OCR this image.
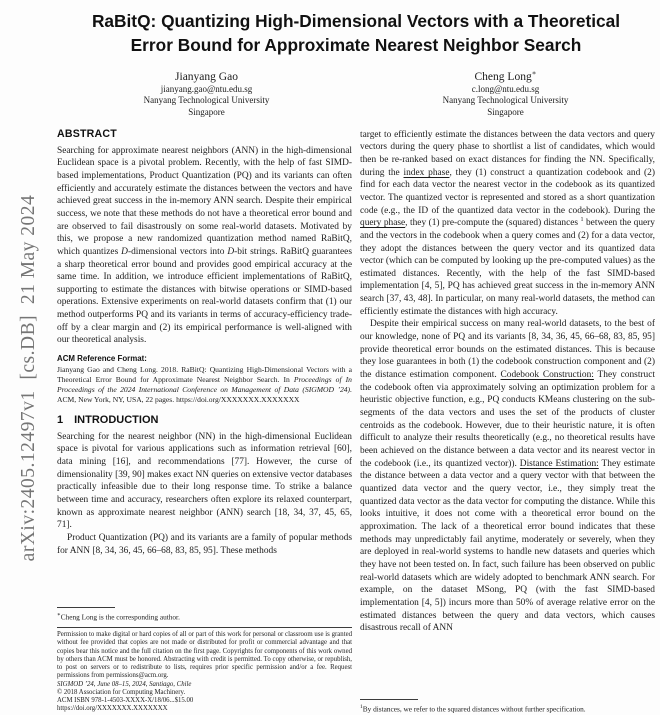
arXiv:2405.12497v1  [cs.DB]  21 May 2024
RaBitQ: Quantizing High-Dimensional Vectors with a Theoretical
Error Bound for Approximate Nearest Neighbor Search
Jianyang Gao
jianyang.gao@ntu.edu.sg
Nanyang Technological University
Singapore
Cheng Long∗
c.long@ntu.edu.sg
Nanyang Technological University
Singapore
ABSTRACT

Searching for approximate nearest neighbors (ANN) in the high-dimensional Euclidean space is a pivotal problem. Recently, with the help of fast SIMD-based implementations, Product Quantization (PQ) and its variants can often efficiently and accurately estimate the distances between the vectors and have achieved great success in the in-memory ANN search. Despite their empirical success, we note that these methods do not have a theoretical error bound and are observed to fail disastrously on some real-world datasets. Motivated by this, we propose a new randomized quantization method named RaBitQ, which quantizes D-dimensional vectors into D-bit strings. RaBitQ guarantees a sharp theoretical error bound and provides good empirical accuracy at the same time. In addition, we introduce efficient implementations of RaBitQ, supporting to estimate the distances with bitwise operations or SIMD-based operations. Extensive experiments on real-world datasets confirm that (1) our method outperforms PQ and its variants in terms of accuracy-efficiency trade-off by a clear margin and (2) its empirical performance is well-aligned with our theoretical analysis.

ACM Reference Format:

Jianyang Gao and Cheng Long. 2018. RaBitQ: Quantizing High-Dimensional Vectors with a Theoretical Error Bound for Approximate Nearest Neighbor Search. In Proceedings of In Proceedings of the 2024 International Conference on Management of Data (SIGMOD ’24). ACM, New York, NY, USA, 22 pages. https://doi.org/XXXXXXX.XXXXXXX

1 INTRODUCTION

Searching for the nearest neighbor (NN) in the high-dimensional Euclidean space is pivotal for various applications such as information retrieval [60], data mining [16], and recommendations [77]. However, the curse of dimensionality [39, 90] makes exact NN queries on extensive vector databases practically infeasible due to their long response time. To strike a balance between time and accuracy, researchers often explore its relaxed counterpart, known as approximate nearest neighbor (ANN) search [18, 34, 37, 45, 65, 71].

Product Quantization (PQ) and its variants are a family of popular methods for ANN [8, 34, 36, 45, 66–68, 83, 85, 95]. These methods

∗Cheng Long is the corresponding author.

Permission to make digital or hard copies of all or part of this work for personal or classroom use is granted without fee provided that copies are not made or distributed for profit or commercial advantage and that copies bear this notice and the full citation on the first page. Copyrights for components of this work owned by others than ACM must be honored. Abstracting with credit is permitted. To copy otherwise, or republish, to post on servers or to redistribute to lists, requires prior specific permission and/or a fee. Request permissions from permissions@acm.org.

SIGMOD ’24, June 08–15, 2024, Santiago, Chile
© 2018 Association for Computing Machinery.
ACM ISBN 978-1-4503-XXXX-X/18/06...$15.00
https://doi.org/XXXXXXX.XXXXXXX

target to efficiently estimate the distances between the data vectors and query vectors during the query phase to shortlist a list of candidates, which would then be re-ranked based on exact distances for finding the NN. Specifically, during the index phase, they (1) construct a quantization codebook and (2) find for each data vector the nearest vector in the codebook as its quantized vector. The quantized vector is represented and stored as a short quantization code (e.g., the ID of the quantized data vector in the codebook). During the query phase, they (1) pre-compute the (squared) distances $^1$ between the query and the vectors in the codebook when a query comes and (2) for a data vector, they adopt the distances between the query vector and its quantized data vector (which can be computed by looking up the pre-computed values) as the estimated distances. Recently, with the help of the fast SIMD-based implementation [4, 5], PQ has achieved great success in the in-memory ANN search [37, 43, 48]. In particular, on many real-world datasets, the method can efficiently estimate the distances with high accuracy.

Despite their empirical success on many real-world datasets, to the best of our knowledge, none of PQ and its variants [8, 34, 36, 45, 66–68, 83, 85, 95] provide theoretical error bounds on the estimated distances. This is because they lose guarantees in both (1) the codebook construction component and (2) the distance estimation component. Codebook Construction: They construct the codebook often via approximately solving an optimization problem for a heuristic objective function, e.g., PQ conducts KMeans clustering on the sub-segments of the data vectors and uses the set of the products of cluster centroids as the codebook. However, due to their heuristic nature, it is often difficult to analyze their results theoretically (e.g., no theoretical results have been achieved on the distance between a data vector and its nearest vector in the codebook (i.e., its quantized vector)). Distance Estimation: They estimate the distance between a data vector and a query vector with that between the quantized data vector and the query vector, i.e., they simply treat the quantized data vector as the data vector for computing the distance. While this looks intuitive, it does not come with a theoretical error bound on the approximation. The lack of a theoretical error bound indicates that these methods may unpredictably fail anytime, moderately or severely, when they are deployed in real-world systems to handle new datasets and queries which they have not been tested on. In fact, such failure has been observed on public real-world datasets which are widely adopted to benchmark ANN search. For example, on the dataset MSong, PQ (with the fast SIMD-based implementation [4, 5]) incurs more than 50% of average relative error on the estimated distances between the query and data vectors, which causes disastrous recall of ANN

$^1$By distances, we refer to the squared distances without further specification.
